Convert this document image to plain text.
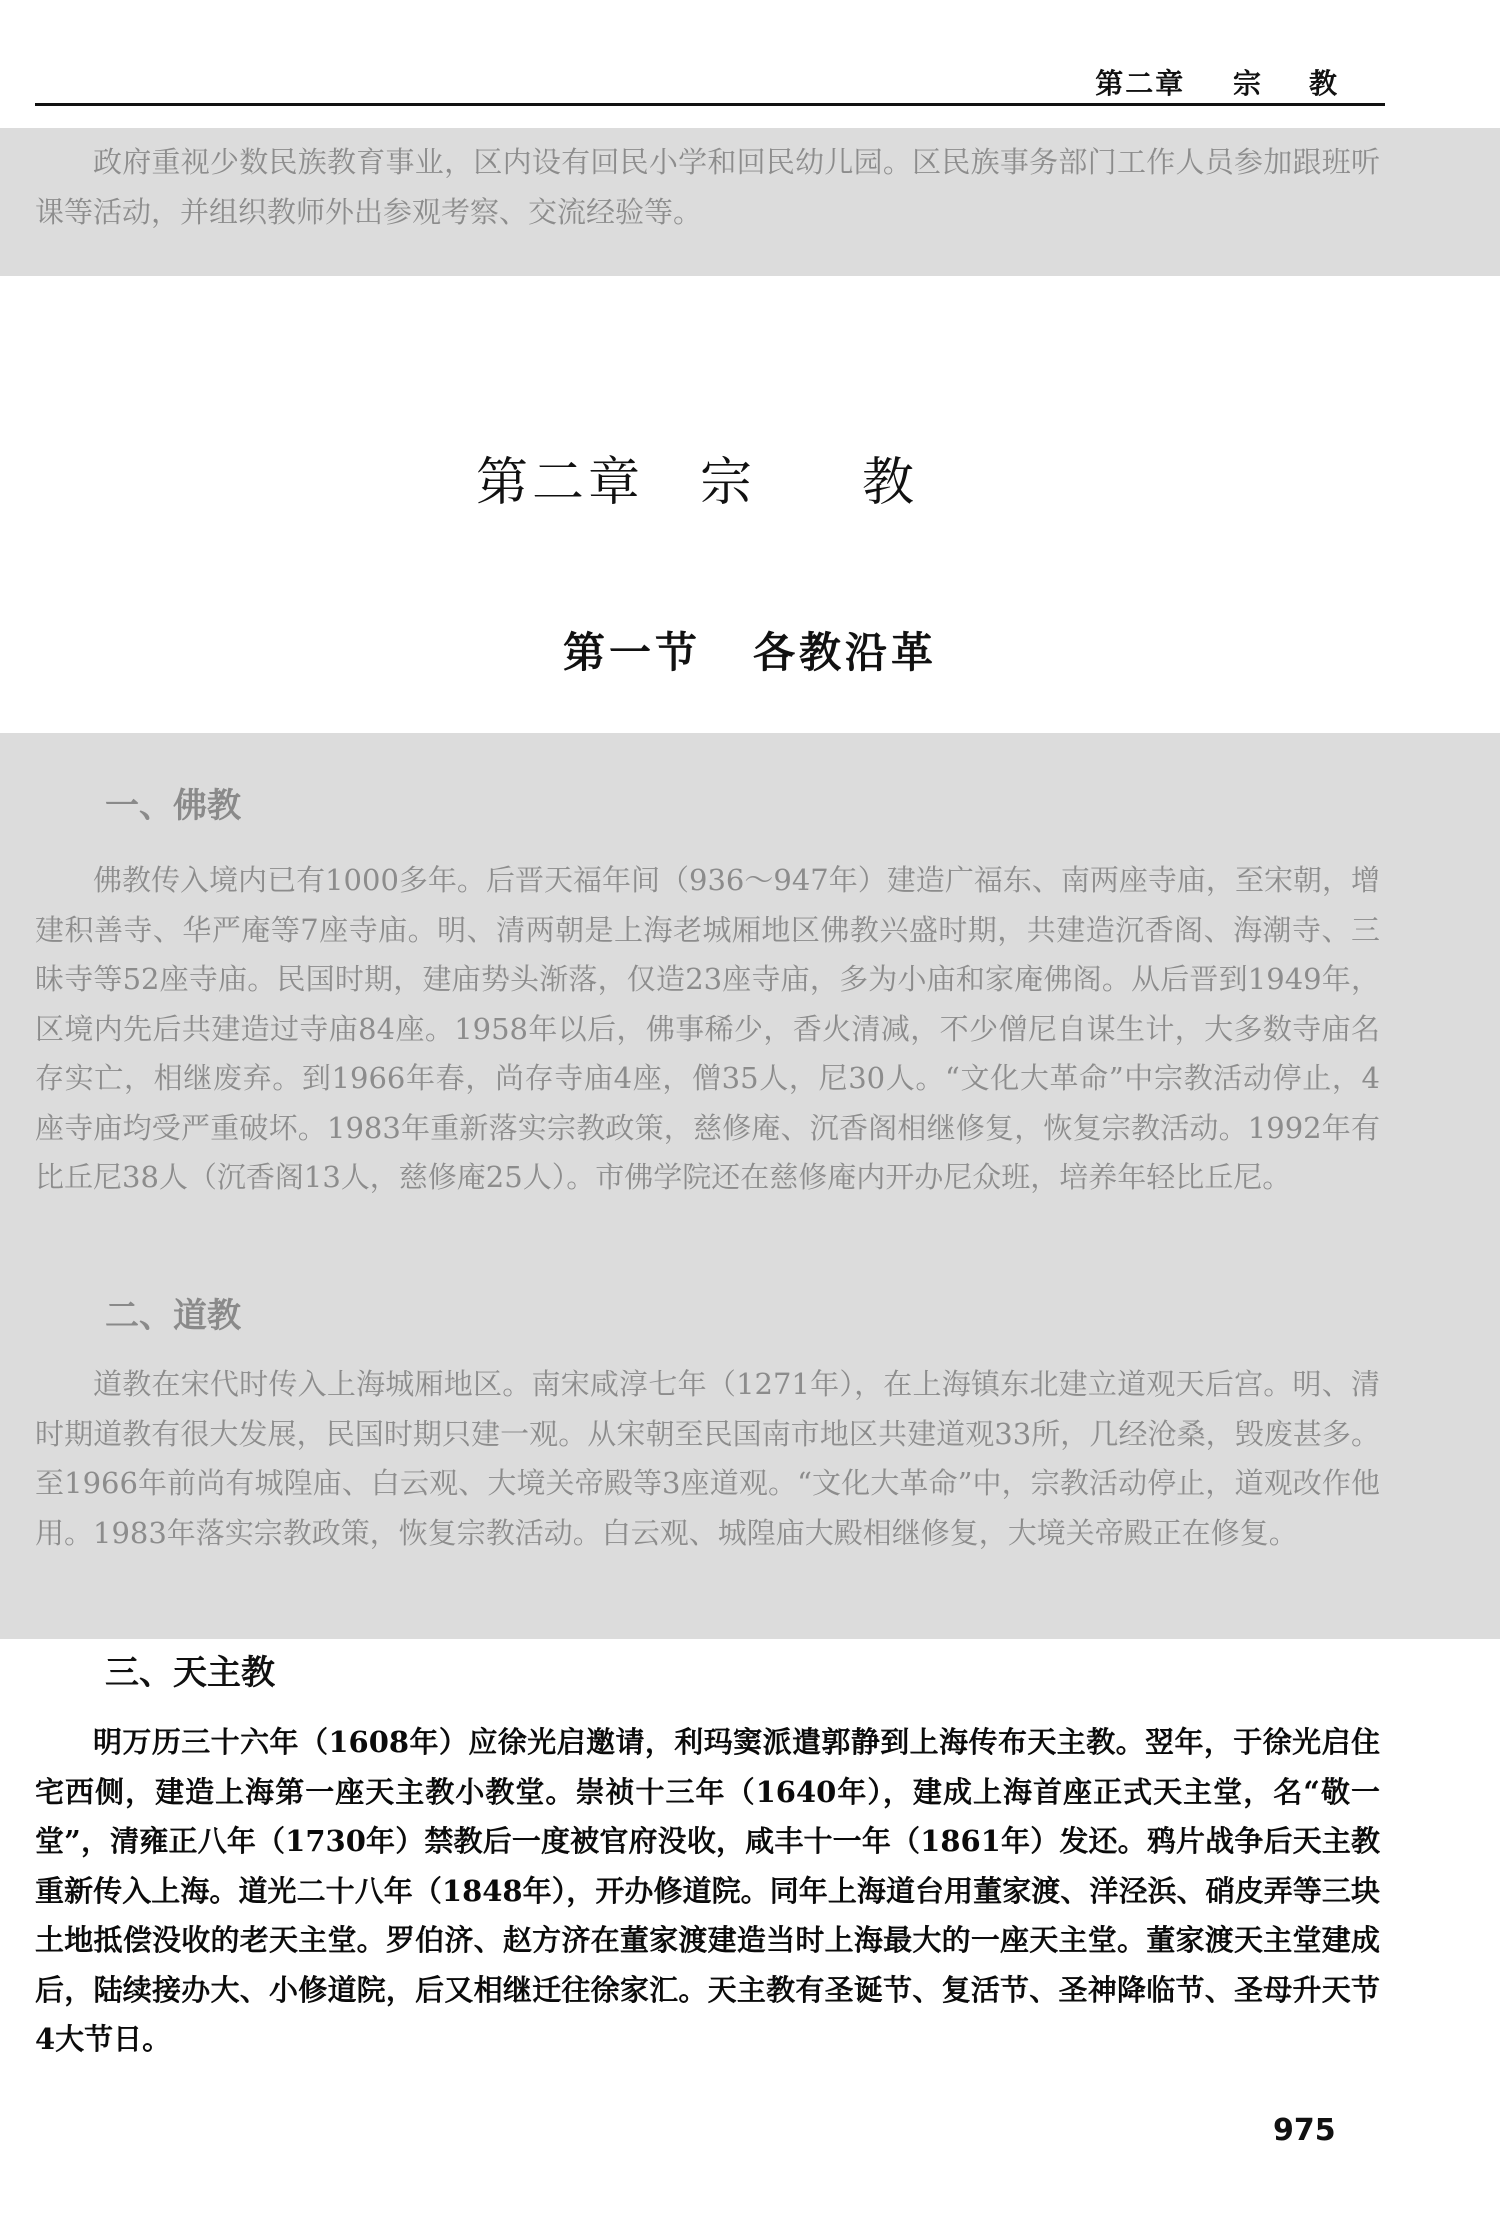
第二章 宗教

政府重视少数民族教育事业，区内设有回民小学和回民幼儿园。区民族事务部门工作人员参加跟班听课等活动，并组织教师外出参观考察、交流经验等。

第二章 宗教
第一节 各教沿革
一、佛教

佛教传入境内已有1000多年。后晋天福年间（936～947年）建造广福东、南两座寺庙，至宋朝，增建积善寺、华严庵等7座寺庙。明、清两朝是上海老城厢地区佛教兴盛时期，共建造沉香阁、海潮寺、三昧寺等52座寺庙。民国时期，建庙势头渐落，仅造23座寺庙，多为小庙和家庵佛阁。从后晋到1949年，区境内先后共建造过寺庙84座。1958年以后，佛事稀少，香火清减，不少僧尼自谋生计，大多数寺庙名存实亡，相继废弃。到1966年春，尚存寺庙4座，僧35人，尼30人。“文化大革命”中宗教活动停止，4座寺庙均受严重破坏。1983年重新落实宗教政策，慈修庵、沉香阁相继修复，恢复宗教活动。1992年有比丘尼38人（沉香阁13人，慈修庵25人）。市佛学院还在慈修庵内开办尼众班，培养年轻比丘尼。

二、道教

道教在宋代时传入上海城厢地区。南宋咸淳七年（1271年），在上海镇东北建立道观天后宫。明、清时期道教有很大发展，民国时期只建一观。从宋朝至民国南市地区共建道观33所，几经沧桑，毁废甚多。至1966年前尚有城隍庙、白云观、大境关帝殿等3座道观。“文化大革命”中，宗教活动停止，道观改作他用。1983年落实宗教政策，恢复宗教活动。白云观、城隍庙大殿相继修复，大境关帝殿正在修复。

三、天主教

明万历三十六年（1608年）应徐光启邀请，利玛窦派遣郭静到上海传布天主教。翌年，于徐光启住宅西侧，建造上海第一座天主教小教堂。崇祯十三年（1640年），建成上海首座正式天主堂，名“敬一堂”，清雍正八年（1730年）禁教后一度被官府没收，咸丰十一年（1861年）发还。鸦片战争后天主教重新传入上海。道光二十八年（1848年），开办修道院。同年上海道台用董家渡、洋泾浜、硝皮弄等三块土地抵偿没收的老天主堂。罗伯济、赵方济在董家渡建造当时上海最大的一座天主堂。董家渡天主堂建成后，陆续接办大、小修道院，后又相继迁往徐家汇。天主教有圣诞节、复活节、圣神降临节、圣母升天节4大节日。

975
